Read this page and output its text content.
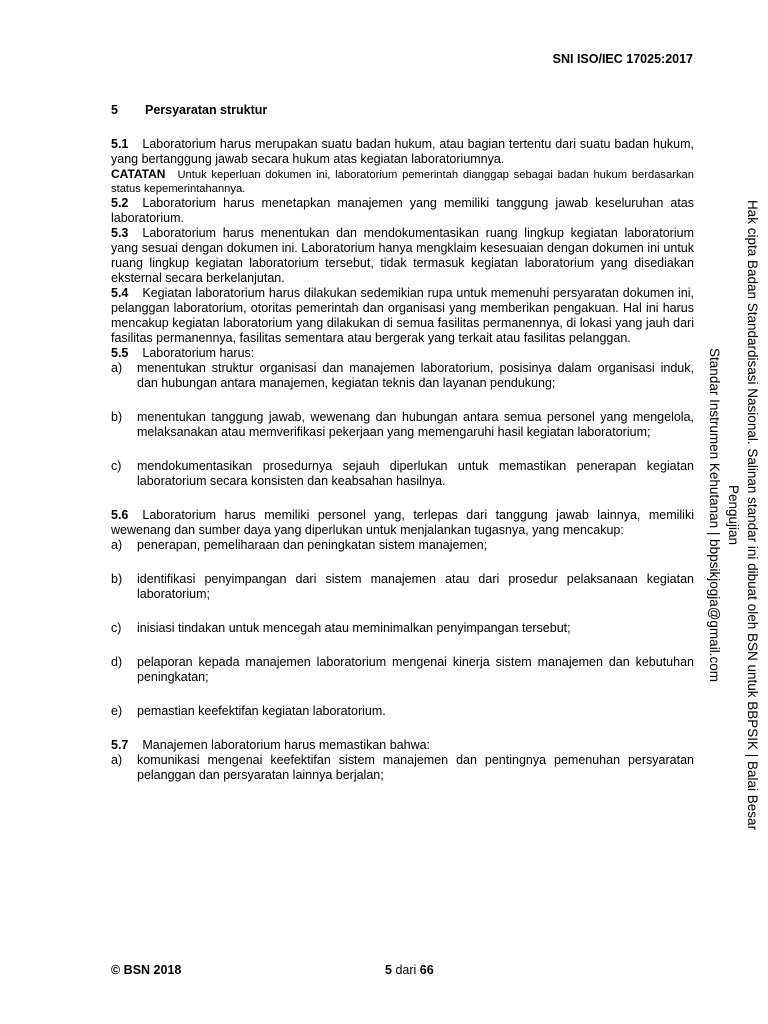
SNI ISO/IEC 17025:2017
5	Persyaratan struktur

5.1 Laboratorium harus merupakan suatu badan hukum, atau bagian tertentu dari suatu badan hukum, yang bertanggung jawab secara hukum atas kegiatan laboratoriumnya.

CATATAN Untuk keperluan dokumen ini, laboratorium pemerintah dianggap sebagai badan hukum berdasarkan status kepemerintahannya.

5.2 Laboratorium harus menetapkan manajemen yang memiliki tanggung jawab keseluruhan atas laboratorium.

5.3 Laboratorium harus menentukan dan mendokumentasikan ruang lingkup kegiatan laboratorium yang sesuai dengan dokumen ini. Laboratorium hanya mengklaim kesesuaian dengan dokumen ini untuk ruang lingkup kegiatan laboratorium tersebut, tidak termasuk kegiatan laboratorium yang disediakan eksternal secara berkelanjutan.

5.4 Kegiatan laboratorium harus dilakukan sedemikian rupa untuk memenuhi persyaratan dokumen ini, pelanggan laboratorium, otoritas pemerintah dan organisasi yang memberikan pengakuan. Hal ini harus mencakup kegiatan laboratorium yang dilakukan di semua fasilitas permanennya, di lokasi yang jauh dari fasilitas permanennya, fasilitas sementara atau bergerak yang terkait atau fasilitas pelanggan.

5.5 Laboratorium harus:

a)	menentukan struktur organisasi dan manajemen laboratorium, posisinya dalam organisasi induk, dan hubungan antara manajemen, kegiatan teknis dan layanan pendukung;
b)	menentukan tanggung jawab, wewenang dan hubungan antara semua personel yang mengelola, melaksanakan atau memverifikasi pekerjaan yang memengaruhi hasil kegiatan laboratorium;
c)	mendokumentasikan prosedurnya sejauh diperlukan untuk memastikan penerapan kegiatan laboratorium secara konsisten dan keabsahan hasilnya.

5.6 Laboratorium harus memiliki personel yang, terlepas dari tanggung jawab lainnya, memiliki wewenang dan sumber daya yang diperlukan untuk menjalankan tugasnya, yang mencakup:

a)	penerapan, pemeliharaan dan peningkatan sistem manajemen;
b)	identifikasi penyimpangan dari sistem manajemen atau dari prosedur pelaksanaan kegiatan laboratorium;
c)	inisiasi tindakan untuk mencegah atau meminimalkan penyimpangan tersebut;
d)	pelaporan kepada manajemen laboratorium mengenai kinerja sistem manajemen dan kebutuhan peningkatan;
e)	pemastian keefektifan kegiatan laboratorium.

5.7 Manajemen laboratorium harus memastikan bahwa:

a)	komunikasi mengenai keefektifan sistem manajemen dan pentingnya pemenuhan persyaratan pelanggan dan persyaratan lainnya berjalan;
© BSN 2018	5 dari 66
Hak cipta Badan Standardisasi Nasional. Salinan standar ini dibuat oleh BSN untuk BBPSIK | Balai Besar Pengujian
Standar Instrumen Kehutanan | bbpsikjogja@gmail.com
